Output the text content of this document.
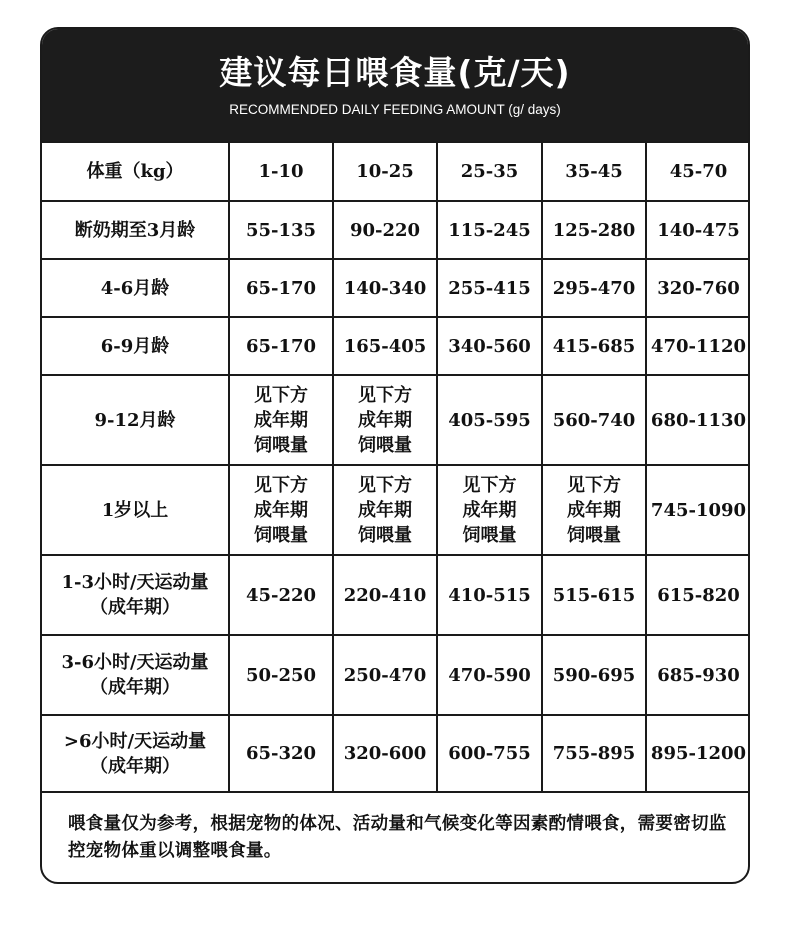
建议每日喂食量(克/天)
RECOMMENDED DAILY FEEDING AMOUNT (g/ days)
体重（kg）	1-10	10-25	25-35	35-45	45-70
断奶期至3月龄	55-135	90-220	115-245	125-280	140-475
4-6月龄	65-170	140-340	255-415	295-470	320-760
6-9月龄	65-170	165-405	340-560	415-685	470-1120
9-12月龄	见下方
成年期
饲喂量	见下方
成年期
饲喂量	405-595	560-740	680-1130
1岁以上	见下方
成年期
饲喂量	见下方
成年期
饲喂量	见下方
成年期
饲喂量	见下方
成年期
饲喂量	745-1090
1-3小时/天运动量
（成年期）	45-220	220-410	410-515	515-615	615-820
3-6小时/天运动量
（成年期）	50-250	250-470	470-590	590-695	685-930
>6小时/天运动量
（成年期）	65-320	320-600	600-755	755-895	895-1200
喂食量仅为参考，根据宠物的体况、活动量和气候变化等因素酌情喂食，需要密切监控宠物体重以调整喂食量。
